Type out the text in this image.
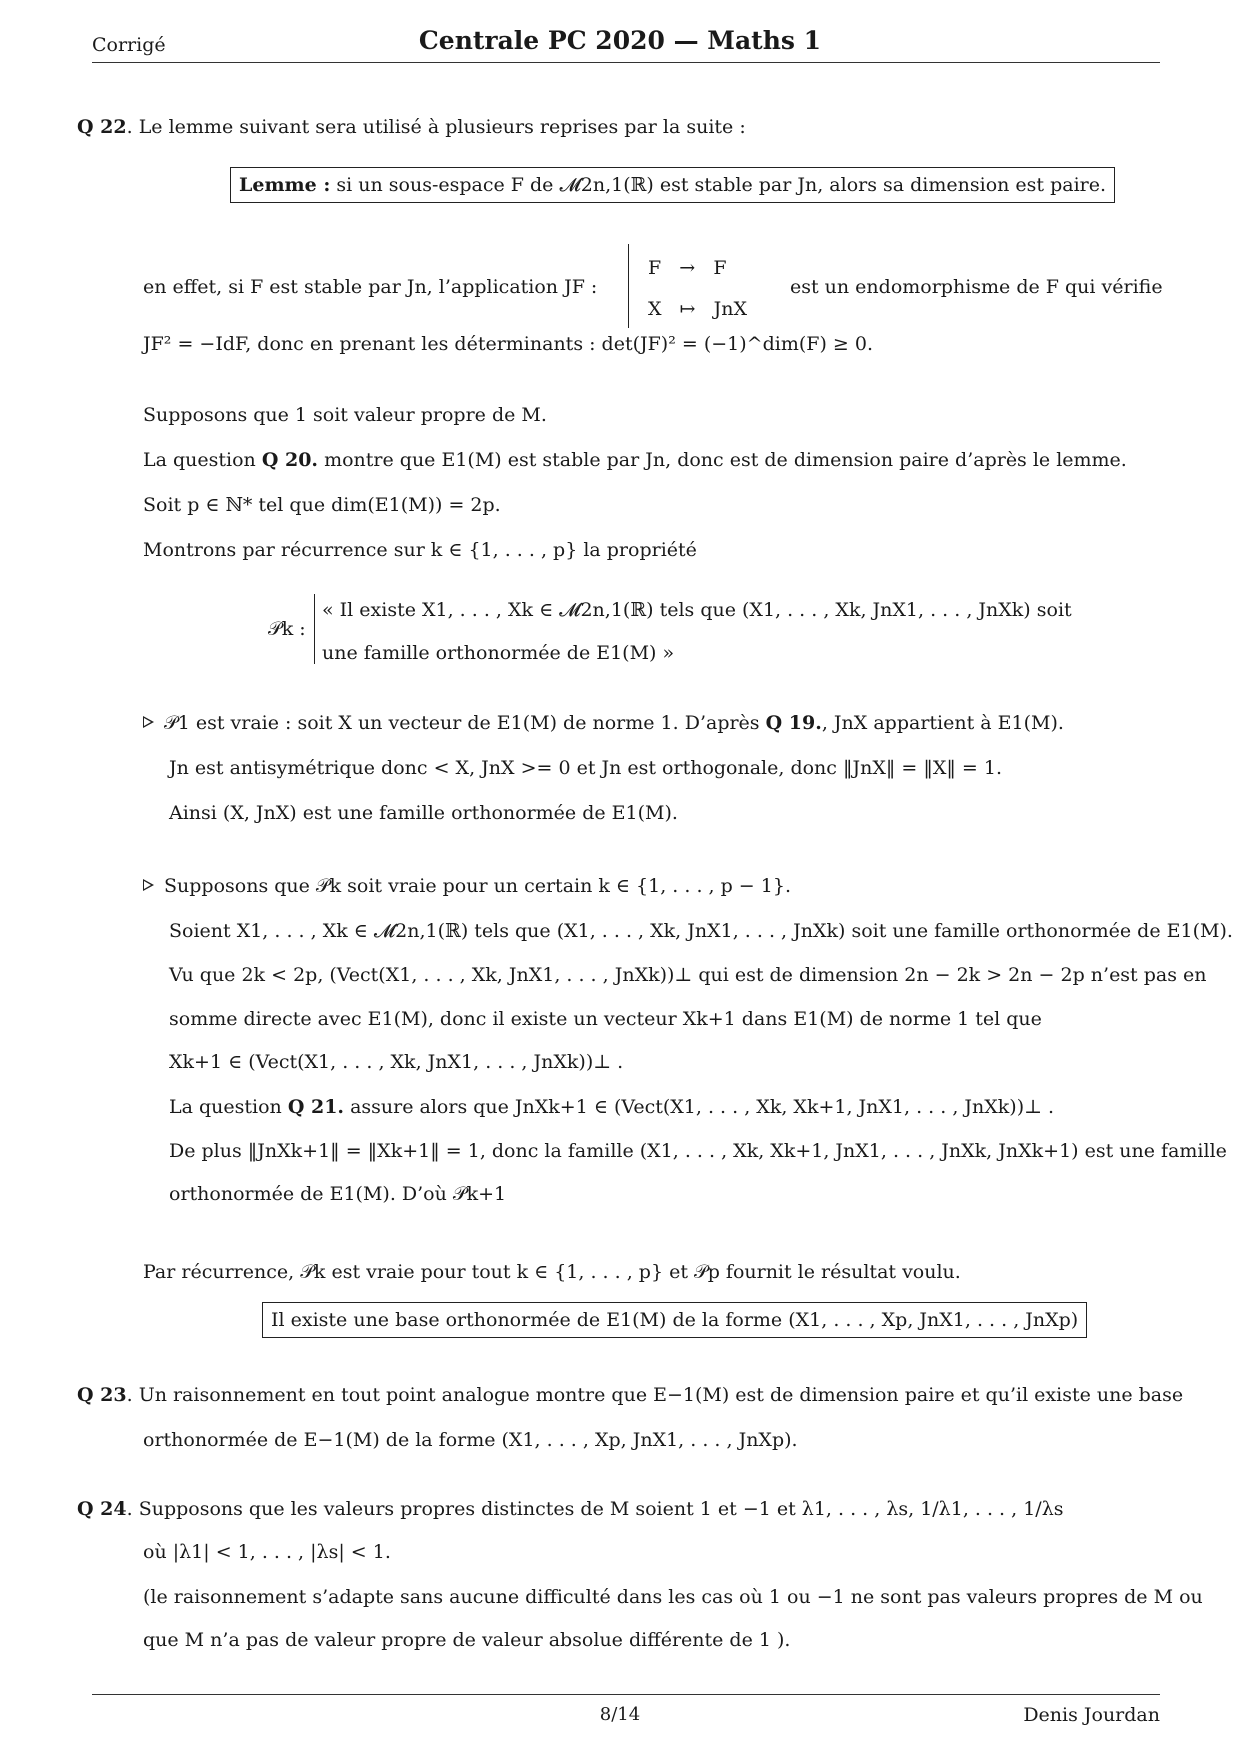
Corrigé	Centrale PC 2020 — Maths 1
Q 22. Le lemme suivant sera utilisé à plusieurs reprises par la suite :
Lemme : si un sous-espace F de 𝓜2n,1(ℝ) est stable par Jn, alors sa dimension est paire.
en effet, si F est stable par Jn, l’application JF :
F   →   F
X   ↦   JnX
est un endomorphisme de F qui vérifie
JF² = −IdF, donc en prenant les déterminants : det(JF)² = (−1)^dim(F) ≥ 0.
Supposons que 1 soit valeur propre de M.
La question Q 20. montre que E1(M) est stable par Jn, donc est de dimension paire d’après le lemme.
Soit p ∈ ℕ* tel que dim(E1(M)) = 2p.
Montrons par récurrence sur k ∈ {1, . . . , p} la propriété
𝒫k :
« Il existe X1, . . . , Xk ∈ 𝓜2n,1(ℝ) tels que (X1, . . . , Xk, JnX1, . . . , JnXk) soit
une famille orthonormée de E1(M) »
𝒫1 est vraie : soit X un vecteur de E1(M) de norme 1. D’après Q 19., JnX appartient à E1(M).
Jn est antisymétrique donc < X, JnX >= 0 et Jn est orthogonale, donc ‖JnX‖ = ‖X‖ = 1.
Ainsi (X, JnX) est une famille orthonormée de E1(M).
Supposons que 𝒫k soit vraie pour un certain k ∈ {1, . . . , p − 1}.
Soient X1, . . . , Xk ∈ 𝓜2n,1(ℝ) tels que (X1, . . . , Xk, JnX1, . . . , JnXk) soit une famille orthonormée de E1(M).
Vu que 2k < 2p, (Vect(X1, . . . , Xk, JnX1, . . . , JnXk))⊥ qui est de dimension 2n − 2k > 2n − 2p n’est pas en
somme directe avec E1(M), donc il existe un vecteur Xk+1 dans E1(M) de norme 1 tel que
Xk+1 ∈ (Vect(X1, . . . , Xk, JnX1, . . . , JnXk))⊥ .
La question Q 21. assure alors que JnXk+1 ∈ (Vect(X1, . . . , Xk, Xk+1, JnX1, . . . , JnXk))⊥ .
De plus ‖JnXk+1‖ = ‖Xk+1‖ = 1, donc la famille (X1, . . . , Xk, Xk+1, JnX1, . . . , JnXk, JnXk+1) est une famille
orthonormée de E1(M). D’où 𝒫k+1
Par récurrence, 𝒫k est vraie pour tout k ∈ {1, . . . , p} et 𝒫p fournit le résultat voulu.
Il existe une base orthonormée de E1(M) de la forme (X1, . . . , Xp, JnX1, . . . , JnXp)
Q 23. Un raisonnement en tout point analogue montre que E−1(M) est de dimension paire et qu’il existe une base
orthonormée de E−1(M) de la forme (X1, . . . , Xp, JnX1, . . . , JnXp).
Q 24. Supposons que les valeurs propres distinctes de M soient 1 et −1 et λ1, . . . , λs, 1/λ1, . . . , 1/λs
où |λ1| < 1, . . . , |λs| < 1.
(le raisonnement s’adapte sans aucune difficulté dans les cas où 1 ou −1 ne sont pas valeurs propres de M ou
que M n’a pas de valeur propre de valeur absolue différente de 1 ).
8/14	Denis Jourdan
